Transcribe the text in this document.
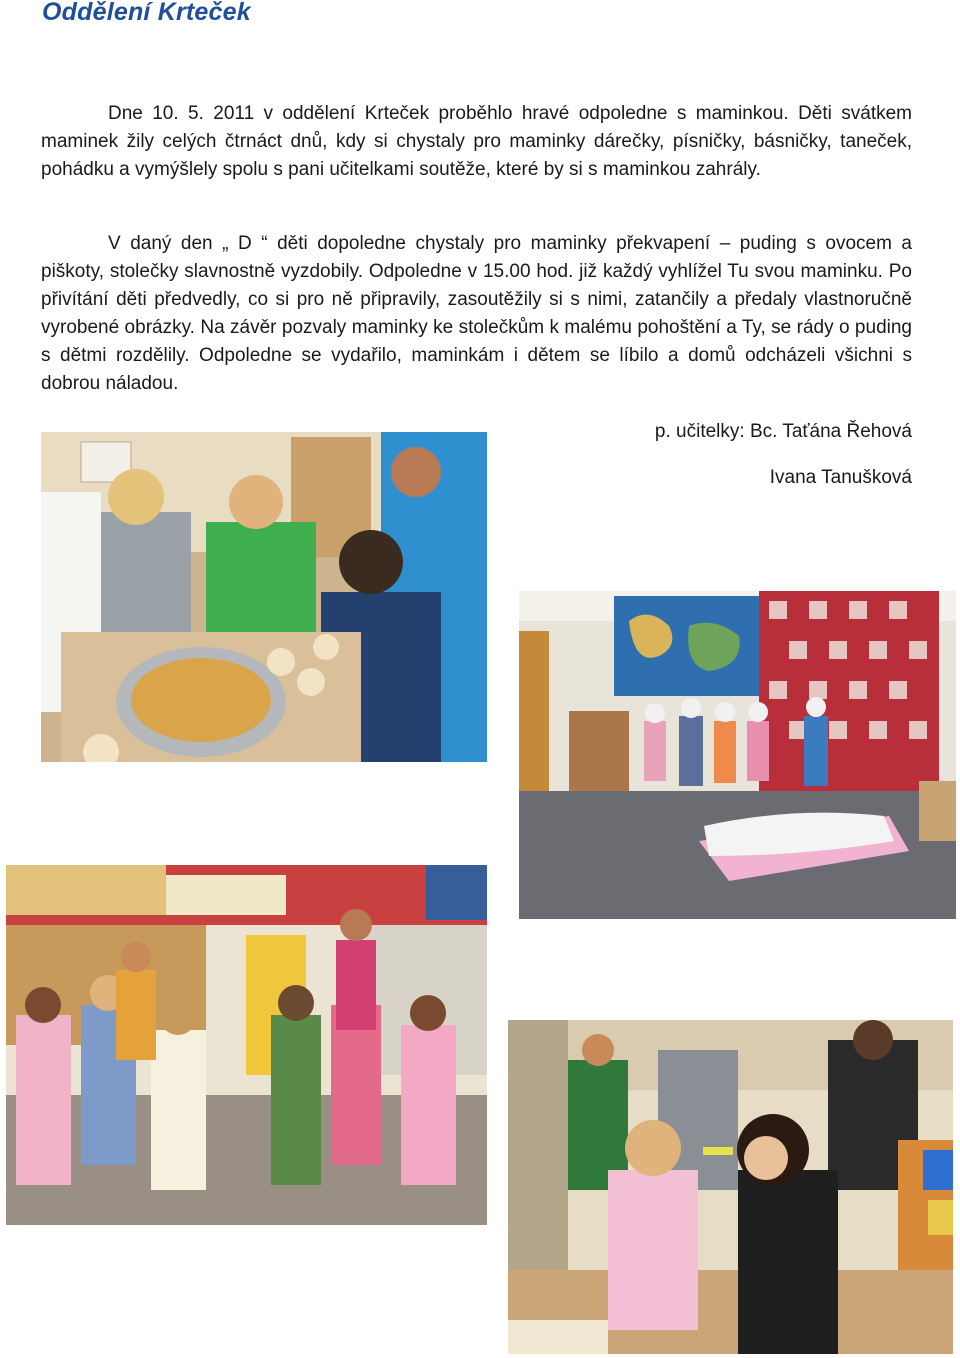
Oddělení Krteček

Dne 10. 5. 2011 v oddělení Krteček proběhlo hravé odpoledne s maminkou. Děti svátkem maminek žily celých čtrnáct dnů, kdy si chystaly pro maminky dárečky, písničky, básničky, taneček, pohádku a vymýšlely spolu s pani učitelkami soutěže, které by si s maminkou zahrály.

V daný den „ D “ děti dopoledne chystaly pro maminky překvapení – puding s ovocem a piškoty, stolečky slavnostně vyzdobily. Odpoledne v 15.00 hod. již každý vyhlížel Tu svou maminku. Po přivítání děti předvedly, co si pro ně připravily, zasoutěžily si s nimi, zatančily a předaly vlastnoručně vyrobené obrázky. Na závěr pozvaly maminky ke stolečkům k malému pohoštění a Ty, se rády o puding s dětmi rozdělily. Odpoledne se vydařilo, maminkám i dětem se líbilo a domů odcházeli všichni s dobrou náladou.

p. učitelky: Bc. Taťána Řehová

Ivana Tanušková
